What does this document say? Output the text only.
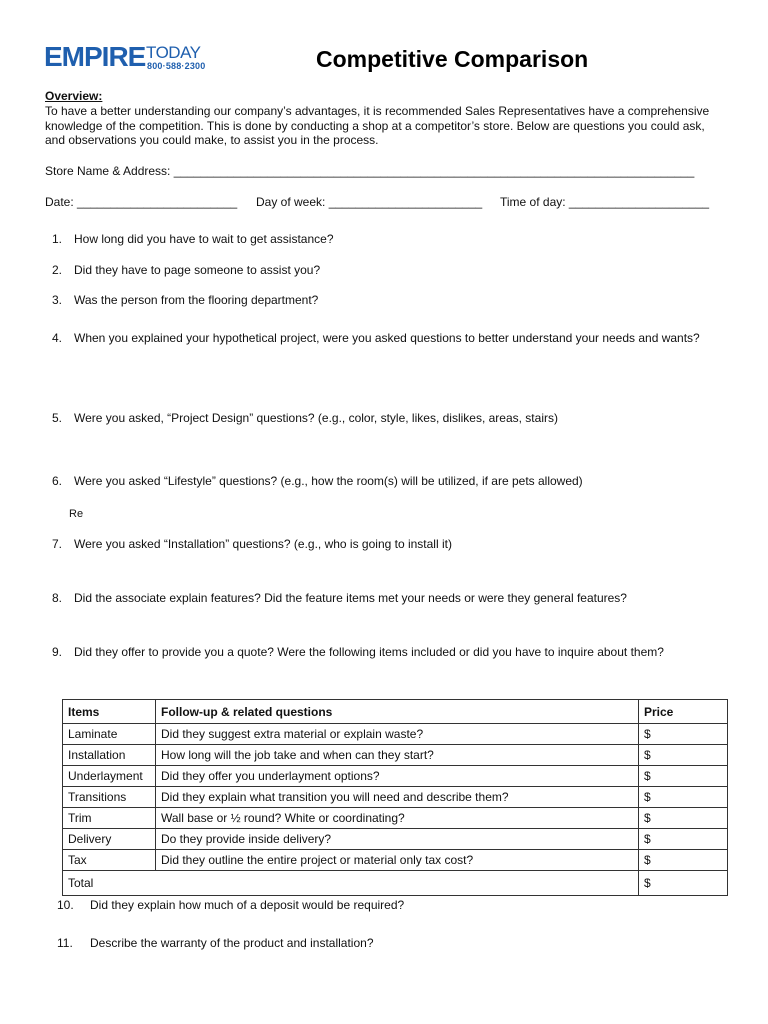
EMPIRE TODAY
800·588·2300	Competitive Comparison
Overview:
To have a better understanding our company’s advantages, it is recommended Sales Representatives have a comprehensive knowledge of the competition. This is done by conducting a shop at a competitor’s store. Below are questions you could ask, and observations you could make, to assist you in the process.
Store Name & Address: ______________________________________________________________________________
Date: ________________________ Day of week: _______________________ Time of day: _____________________
1. How long did you have to wait to get assistance?
2. Did they have to page someone to assist you?
3. Was the person from the flooring department?
4. When you explained your hypothetical project, were you asked questions to better understand your needs and wants?
5. Were you asked, “Project Design” questions? (e.g., color, style, likes, dislikes, areas, stairs)
6. Were you asked “Lifestyle” questions? (e.g., how the room(s) will be utilized, if are pets allowed)
Re
7. Were you asked “Installation” questions? (e.g., who is going to install it)
8. Did the associate explain features? Did the feature items met your needs or were they general features?
9. Did they offer to provide you a quote? Were the following items included or did you have to inquire about them?
Items	Follow-up & related questions	Price
Laminate	Did they suggest extra material or explain waste?	$
Installation	How long will the job take and when can they start?	$
Underlayment	Did they offer you underlayment options?	$
Transitions	Did they explain what transition you will need and describe them?	$
Trim	Wall base or ½ round? White or coordinating?	$
Delivery	Do they provide inside delivery?	$
Tax	Did they outline the entire project or material only tax cost?	$
Total		$
10. Did they explain how much of a deposit would be required?
11. Describe the warranty of the product and installation?
